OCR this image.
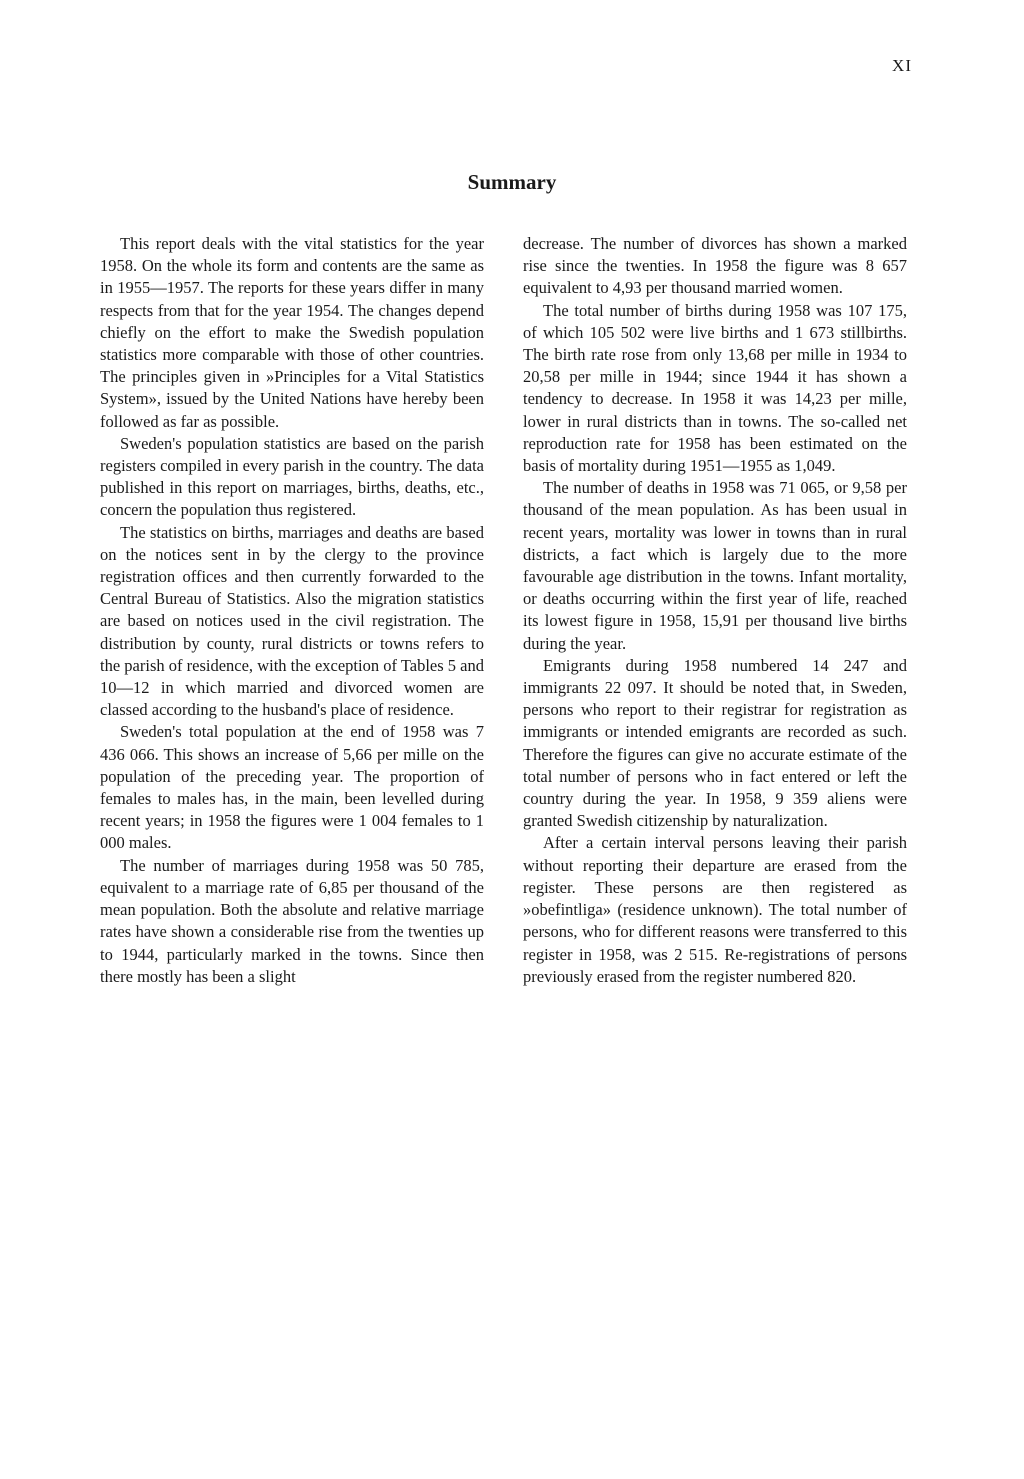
XI
Summary

This report deals with the vital statistics for the year 1958. On the whole its form and contents are the same as in 1955—1957. The reports for these years differ in many respects from that for the year 1954. The changes depend chiefly on the effort to make the Swedish population statistics more comparable with those of other countries. The principles given in »Principles for a Vital Statistics System», issued by the United Nations have hereby been followed as far as possible.

Sweden's population statistics are based on the parish registers compiled in every parish in the country. The data published in this report on marriages, births, deaths, etc., concern the population thus registered.

The statistics on births, marriages and deaths are based on the notices sent in by the clergy to the province registration offices and then currently forwarded to the Central Bureau of Statistics. Also the migration statistics are based on notices used in the civil registration. The distribution by county, rural districts or towns refers to the parish of residence, with the exception of Tables 5 and 10—12 in which married and divorced women are classed according to the husband's place of residence.

Sweden's total population at the end of 1958 was 7 436 066. This shows an increase of 5,66 per mille on the population of the preceding year. The proportion of females to males has, in the main, been levelled during recent years; in 1958 the figures were 1 004 females to 1 000 males.

The number of marriages during 1958 was 50 785, equivalent to a marriage rate of 6,85 per thousand of the mean population. Both the absolute and relative marriage rates have shown a considerable rise from the twenties up to 1944, particularly marked in the towns. Since then there mostly has been a slight

decrease. The number of divorces has shown a marked rise since the twenties. In 1958 the figure was 8 657 equivalent to 4,93 per thousand married women.

The total number of births during 1958 was 107 175, of which 105 502 were live births and 1 673 stillbirths. The birth rate rose from only 13,68 per mille in 1934 to 20,58 per mille in 1944; since 1944 it has shown a tendency to decrease. In 1958 it was 14,23 per mille, lower in rural districts than in towns. The so-called net reproduction rate for 1958 has been estimated on the basis of mortality during 1951—1955 as 1,049.

The number of deaths in 1958 was 71 065, or 9,58 per thousand of the mean population. As has been usual in recent years, mortality was lower in towns than in rural districts, a fact which is largely due to the more favourable age distribution in the towns. Infant mortality, or deaths occurring within the first year of life, reached its lowest figure in 1958, 15,91 per thousand live births during the year.

Emigrants during 1958 numbered 14 247 and immigrants 22 097. It should be noted that, in Sweden, persons who report to their registrar for registration as immigrants or intended emigrants are recorded as such. Therefore the figures can give no accurate estimate of the total number of persons who in fact entered or left the country during the year. In 1958, 9 359 aliens were granted Swedish citizenship by naturalization.

After a certain interval persons leaving their parish without reporting their departure are erased from the register. These persons are then registered as »obefintliga» (residence unknown). The total number of persons, who for different reasons were transferred to this register in 1958, was 2 515. Re-registrations of persons previously erased from the register numbered 820.
